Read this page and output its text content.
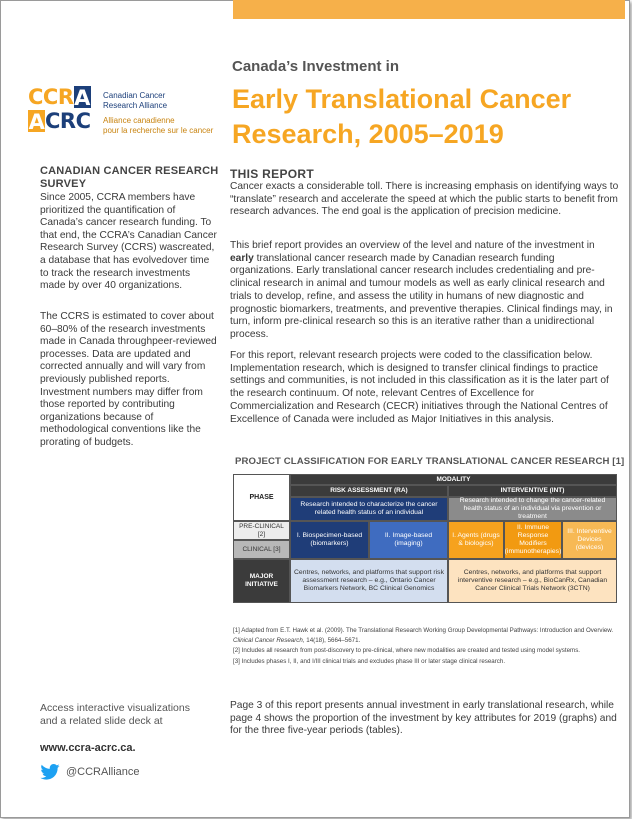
C C R A
A C R C
Canadian Cancer
Research Alliance
Alliance canadienne
pour la recherche sur le cancer
Canada’s Investment in
Early Translational Cancer
Research, 2005–2019
CANADIAN CANCER RESEARCH SURVEY
Since 2005, CCRA members have prioritized the quantification of Canada’s cancer research funding. To that end, the CCRA’s Canadian Cancer Research Survey (CCRS) wascreated, a database that has evolvedover time to track the research investments made by over 40 organizations.
The CCRS is estimated to cover about 60–80% of the research investments made in Canada throughpeer-reviewed processes. Data are updated and corrected annually and will vary from previously published reports. Investment numbers may differ from those reported by contributing organizations because of methodological conventions like the prorating of budgets.
Access interactive visualizations and a related slide deck at
www.ccra-acrc.ca.
@CCRAlliance
THIS REPORT
Cancer exacts a considerable toll. There is increasing emphasis on identifying ways to “translate” research and accelerate the speed at which the public starts to benefit from research advances. The end goal is the application of precision medicine.
This brief report provides an overview of the level and nature of the investment in early translational cancer research made by Canadian research funding organizations. Early translational cancer research includes credentialing and pre-clinical research in animal and tumour models as well as early clinical research and trials to develop, refine, and assess the utility in humans of new diagnostic and prognostic biomarkers, treatments, and preventive therapies. Clinical findings may, in turn, inform pre-clinical research so this is an iterative rather than a unidirectional process.
For this report, relevant research projects were coded to the classification below. Implementation research, which is designed to transfer clinical findings to practice settings and communities, is not included in this classification as it is the later part of the research continuum. Of note, relevant Centres of Excellence for Commercialization and Research (CECR) initiatives through the National Centres of Excellence of Canada were included as Major Initiatives in this analysis.
PROJECT CLASSIFICATION FOR EARLY TRANSLATIONAL CANCER RESEARCH [1]
PHASE
MODALITY
RISK ASSESSMENT (RA)	INTERVENTIVE (INT)
Research intended to characterize the cancer related health status of an individual
Research intended to change the cancer-related health status of an individual via prevention or treatment
PRE-CLINICAL [2]
CLINICAL [3]
MAJOR INITIATIVE
I. Biospecimen-based (biomarkers)
II. Image-based (imaging)
I. Agents (drugs & biologics)
II. Immune Response Modifiers (immunotherapies)
III. Interventive Devices (devices)
Centres, networks, and platforms that support risk assessment research – e.g., Ontario Cancer Biomarkers Network, BC Clinical Genomics
Centres, networks, and platforms that support interventive research – e.g., BioCanRx, Canadian Cancer Clinical Trials Network (3CTN)
[1] Adapted from E.T. Hawk et al. (2009). The Translational Research Working Group Developmental Pathways: Introduction and Overview. Clinical Cancer Research, 14(18), 5664–5671.
[2] Includes all research from post-discovery to pre-clinical, where new modalities are created and tested using model systems.
[3] Includes phases I, II, and I/III clinical trials and excludes phase III or later stage clinical research.
Page 3 of this report presents annual investment in early translational research, while page 4 shows the proportion of the investment by key attributes for 2019 (graphs) and for the three five-year periods (tables).
